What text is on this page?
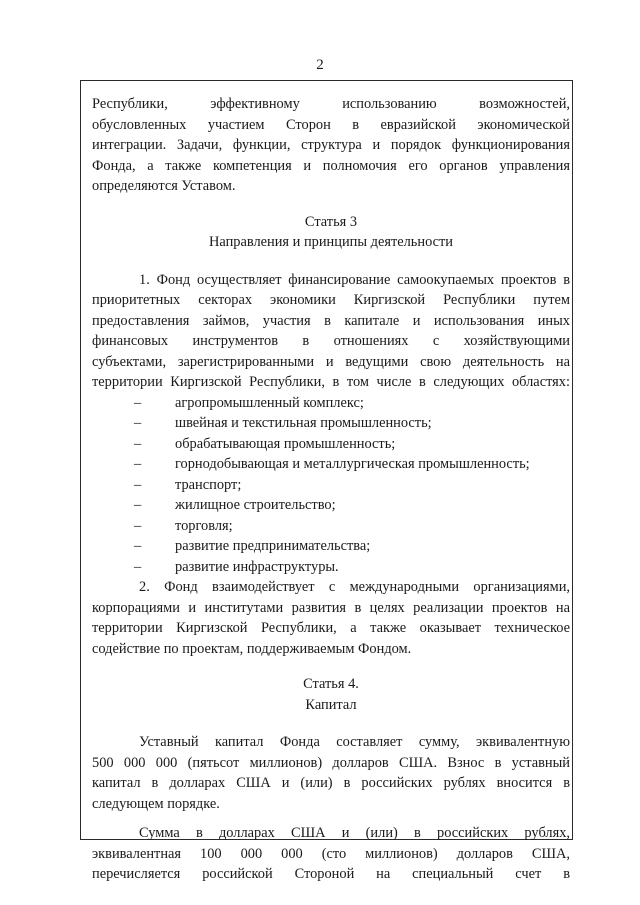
2
Республики, эффективному использованию возможностей,
обусловленных участием Сторон в евразийской экономической
интеграции. Задачи, функции, структура и порядок функционирования
Фонда, а также компетенция и полномочия его органов управления
определяются Уставом.
Статья 3
Направления и принципы деятельности
1. Фонд осуществляет финансирование самоокупаемых проектов в
приоритетных секторах экономики Киргизской Республики путем
предоставления займов, участия в капитале и использования иных
финансовых инструментов в отношениях с хозяйствующими
субъектами, зарегистрированными и ведущими свою деятельность на
территории Киргизской Республики, в том числе в следующих областях:
– агропромышленный комплекс;
– швейная и текстильная промышленность;
– обрабатывающая промышленность;
– горнодобывающая и металлургическая промышленность;
– транспорт;
– жилищное строительство;
– торговля;
– развитие предпринимательства;
– развитие инфраструктуры.
2. Фонд взаимодействует с международными организациями,
корпорациями и институтами развития в целях реализации проектов на
территории Киргизской Республики, а также оказывает техническое
содействие по проектам, поддерживаемым Фондом.
Статья 4.
Капитал
Уставный капитал Фонда составляет сумму, эквивалентную
500 000 000 (пятьсот миллионов) долларов США. Взнос в уставный
капитал в долларах США и (или) в российских рублях вносится в
следующем порядке.
Сумма в долларах США и (или) в российских рублях,
эквивалентная 100 000 000 (сто миллионов) долларов США,
перечисляется российской Стороной на специальный счет в
